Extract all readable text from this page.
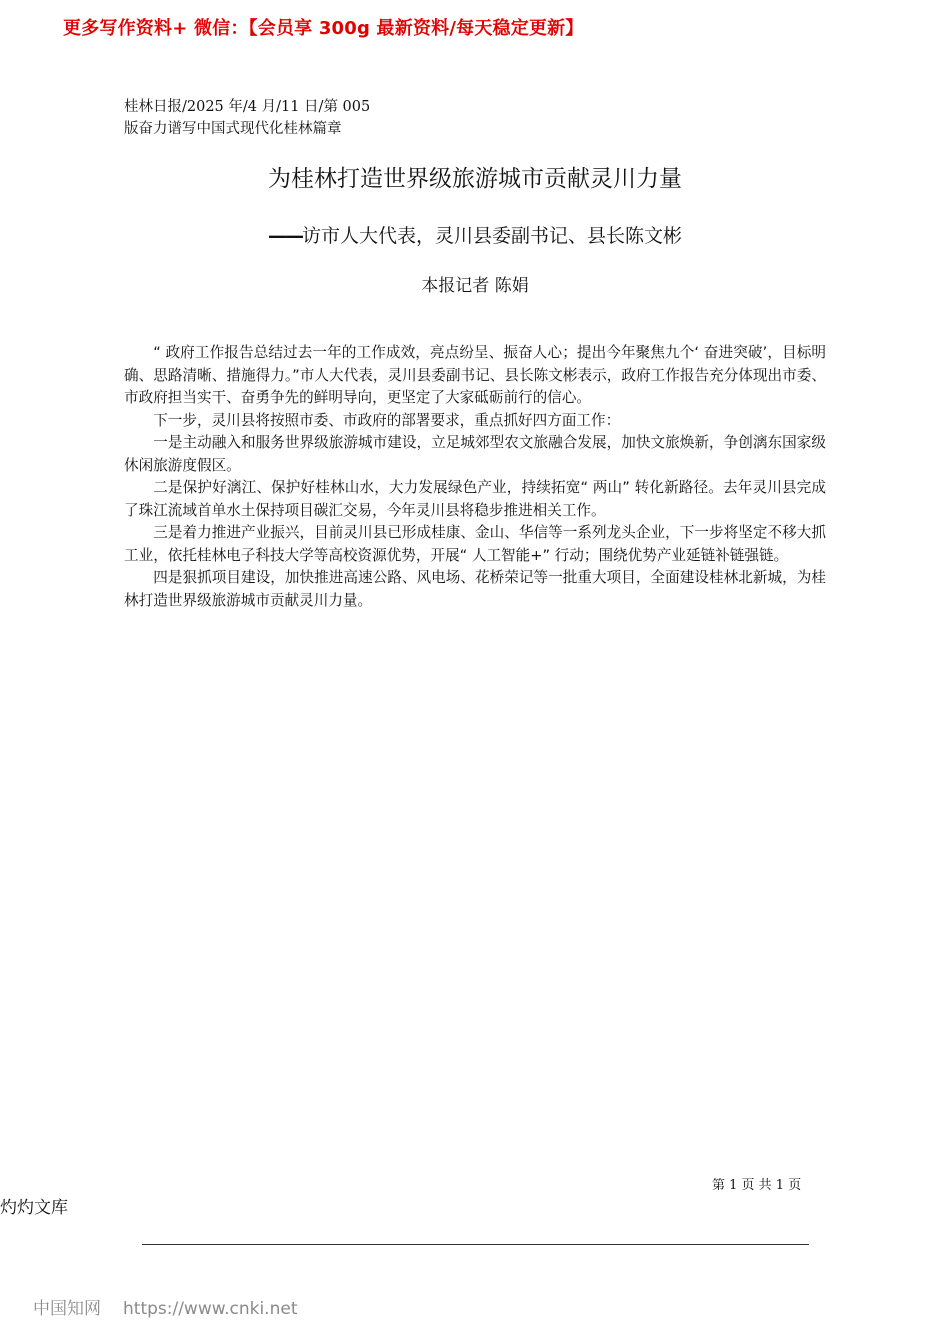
更多写作资料+ 微信：【会员享 300g 最新资料/每天稳定更新】
桂林日报/2025 年/4 月/11 日/第 005
版奋力谱写中国式现代化桂林篇章
为桂林打造世界级旅游城市贡献灵川力量
——访市人大代表，灵川县委副书记、县长陈文彬
本报记者 陈娟

“ 政府工作报告总结过去一年的工作成效，亮点纷呈、振奋人心；提出今年聚焦九个‘ 奋进突破’，目标明确、思路清晰、措施得力。”市人大代表，灵川县委副书记、县长陈文彬表示，政府工作报告充分体现出市委、市政府担当实干、奋勇争先的鲜明导向，更坚定了大家砥砺前行的信心。

下一步，灵川县将按照市委、市政府的部署要求，重点抓好四方面工作：

一是主动融入和服务世界级旅游城市建设，立足城郊型农文旅融合发展，加快文旅焕新，争创漓东国家级休闲旅游度假区。

二是保护好漓江、保护好桂林山水，大力发展绿色产业，持续拓宽“ 两山” 转化新路径。去年灵川县完成了珠江流域首单水土保持项目碳汇交易，今年灵川县将稳步推进相关工作。

三是着力推进产业振兴，目前灵川县已形成桂康、金山、华信等一系列龙头企业，下一步将坚定不移大抓工业，依托桂林电子科技大学等高校资源优势，开展“ 人工智能+” 行动；围绕优势产业延链补链强链。

四是狠抓项目建设，加快推进高速公路、风电场、花桥荣记等一批重大项目，全面建设桂林北新城，为桂林打造世界级旅游城市贡献灵川力量。

第 1 页 共 1 页
灼灼文库
中国知网 https://www.cnki.net
